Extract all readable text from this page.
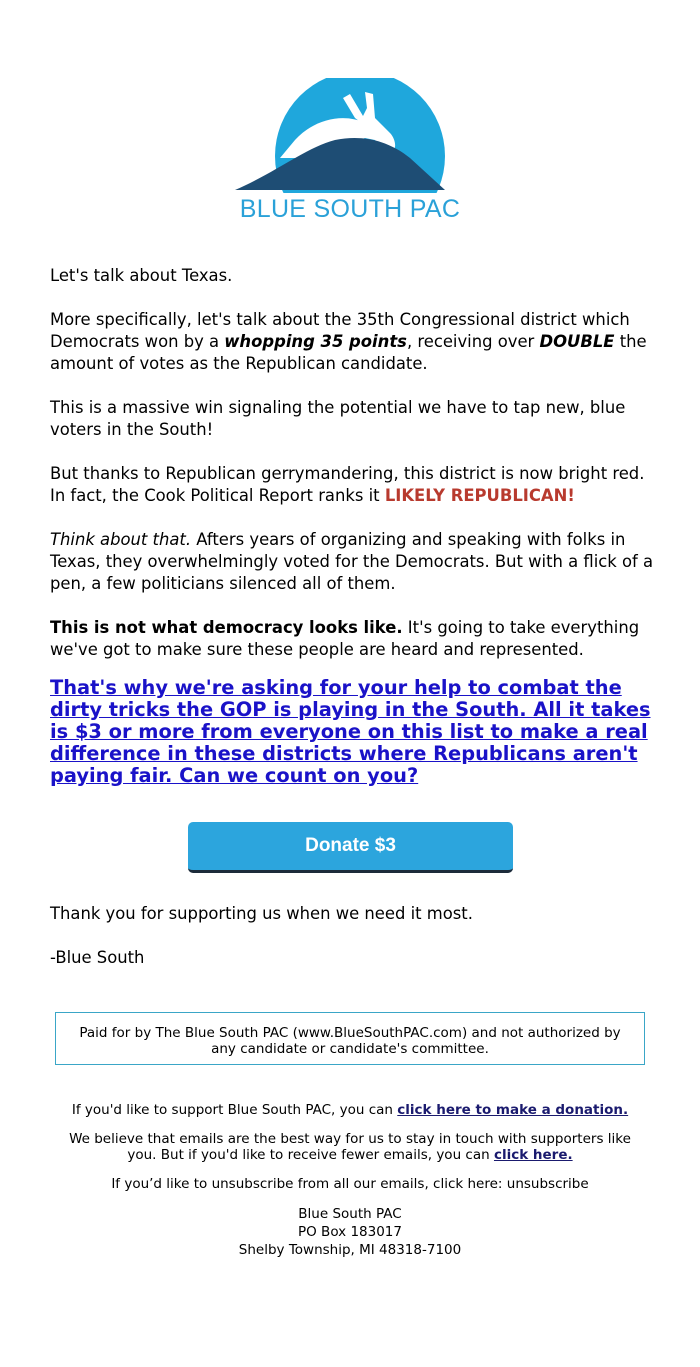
BLUE SOUTH PAC

Let's talk about Texas.

More specifically, let's talk about the 35th Congressional district which Democrats won by a whopping 35 points, receiving over DOUBLE the amount of votes as the Republican candidate.

This is a massive win signaling the potential we have to tap new, blue voters in the South!

But thanks to Republican gerrymandering, this district is now bright red. In fact, the Cook Political Report ranks it LIKELY REPUBLICAN!

Think about that. Afters years of organizing and speaking with folks in Texas, they overwhelmingly voted for the Democrats. But with a flick of a pen, a few politicians silenced all of them.

This is not what democracy looks like. It's going to take everything we've got to make sure these people are heard and represented.

That's why we're asking for your help to combat the dirty tricks the GOP is playing in the South. All it takes is $3 or more from everyone on this list to make a real difference in these districts where Republicans aren't paying fair. Can we count on you?
Donate $3

Thank you for supporting us when we need it most.

-Blue South

Paid for by The Blue South PAC (www.BlueSouthPAC.com) and not authorized by any candidate or candidate's committee.

If you'd like to support Blue South PAC, you can click here to make a donation.

We believe that emails are the best way for us to stay in touch with supporters like you. But if you'd like to receive fewer emails, you can click here.

If you’d like to unsubscribe from all our emails, click here: unsubscribe

Blue South PAC
PO Box 183017
Shelby Township, MI 48318-7100
